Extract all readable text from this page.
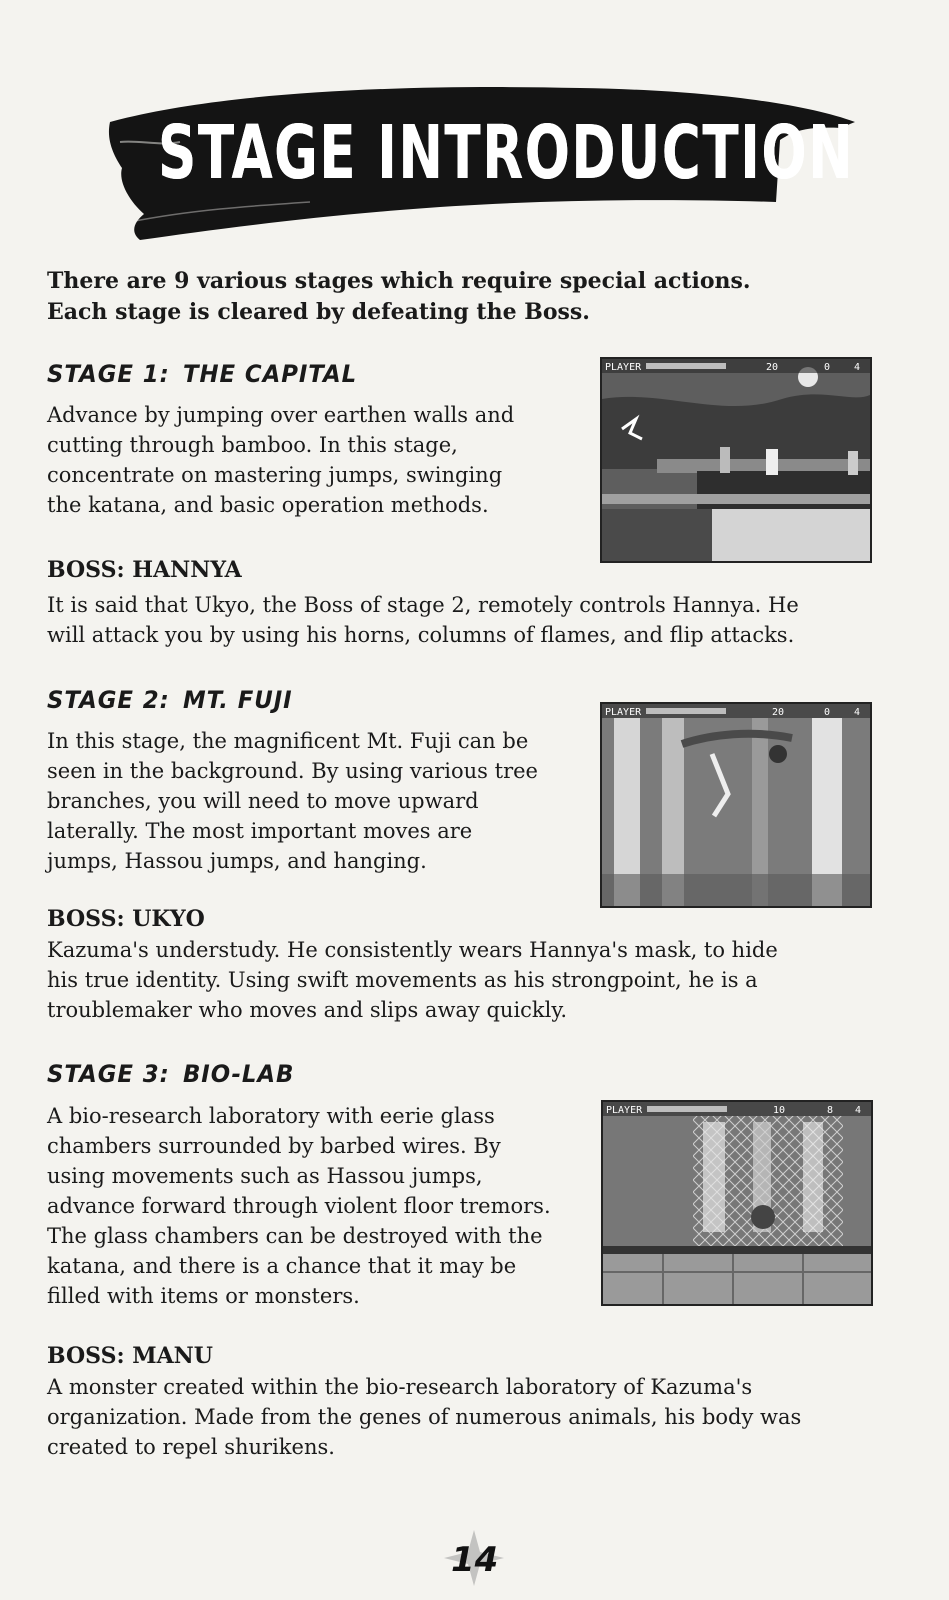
STAGE INTRODUCTION
There are 9 various stages which require special actions.
Each stage is cleared by defeating the Boss.
STAGE 1: THE CAPITAL
Advance by jumping over earthen walls and
cutting through bamboo. In this stage,
concentrate on mastering jumps, swinging
the katana, and basic operation methods.
PLAYER	20	0 4
BOSS: HANNYA
It is said that Ukyo, the Boss of stage 2, remotely controls Hannya. He
will attack you by using his horns, columns of flames, and flip attacks.
STAGE 2: MT. FUJI
In this stage, the magnificent Mt. Fuji can be
seen in the background. By using various tree
branches, you will need to move upward
laterally. The most important moves are
jumps, Hassou jumps, and hanging.
PLAYER	20	0 4
BOSS: UKYO
Kazuma's understudy. He consistently wears Hannya's mask, to hide
his true identity. Using swift movements as his strongpoint, he is a
troublemaker who moves and slips away quickly.
STAGE 3: BIO-LAB
A bio-research laboratory with eerie glass
chambers surrounded by barbed wires. By
using movements such as Hassou jumps,
advance forward through violent floor tremors.
The glass chambers can be destroyed with the
katana, and there is a chance that it may be
filled with items or monsters.
PLAYER	10	8 4
BOSS: MANU
A monster created within the bio-research laboratory of Kazuma's
organization. Made from the genes of numerous animals, his body was
created to repel shurikens.
14
